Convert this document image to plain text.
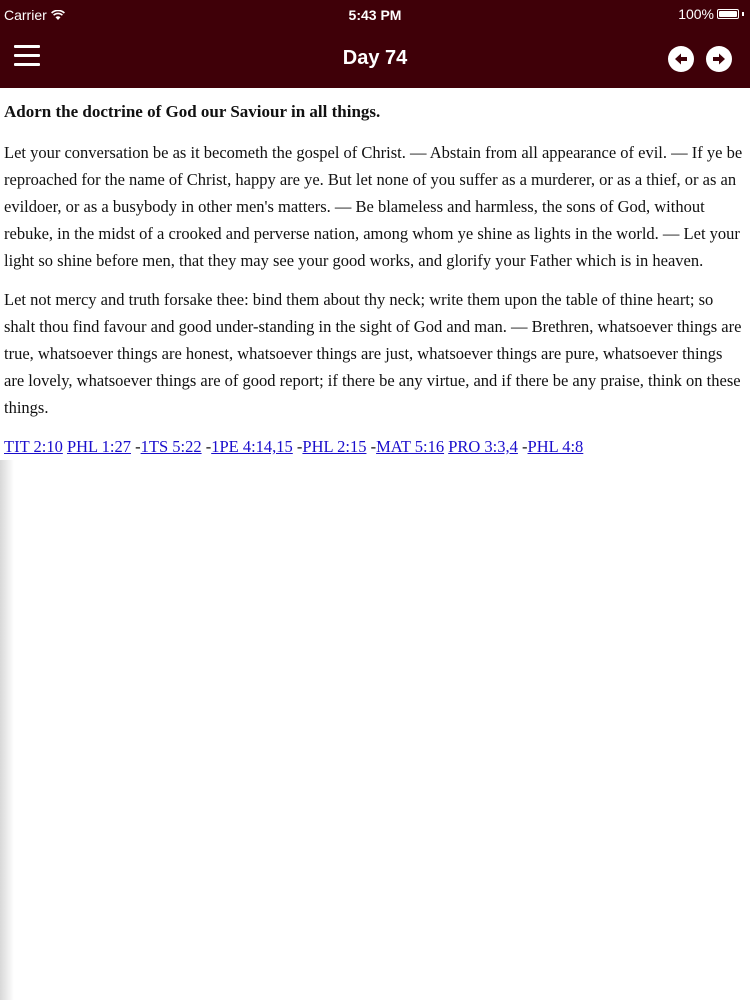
Carrier	5:43 PM	100%
Day 74
Adorn the doctrine of God our Saviour in all things.

Let your conversation be as it becometh the gospel of Christ. — Abstain from all appearance of evil. — If ye be reproached for the name of Christ, happy are ye. But let none of you suffer as a murderer, or as a thief, or as an evildoer, or as a busybody in other men's matters. — Be blameless and harmless, the sons of God, without rebuke, in the midst of a crooked and perverse nation, among whom ye shine as lights in the world. — Let your light so shine before men, that they may see your good works, and glorify your Father which is in heaven.

Let not mercy and truth forsake thee: bind them about thy neck; write them upon the table of thine heart; so shalt thou find favour and good under-standing in the sight of God and man. — Brethren, whatsoever things are true, whatsoever things are honest, whatsoever things are just, whatsoever things are pure, whatsoever things are lovely, whatsoever things are of good report; if there be any virtue, and if there be any praise, think on these things.

TIT 2:10 PHL 1:27 -1TS 5:22 -1PE 4:14,15 -PHL 2:15 -MAT 5:16 PRO 3:3,4 -PHL 4:8
